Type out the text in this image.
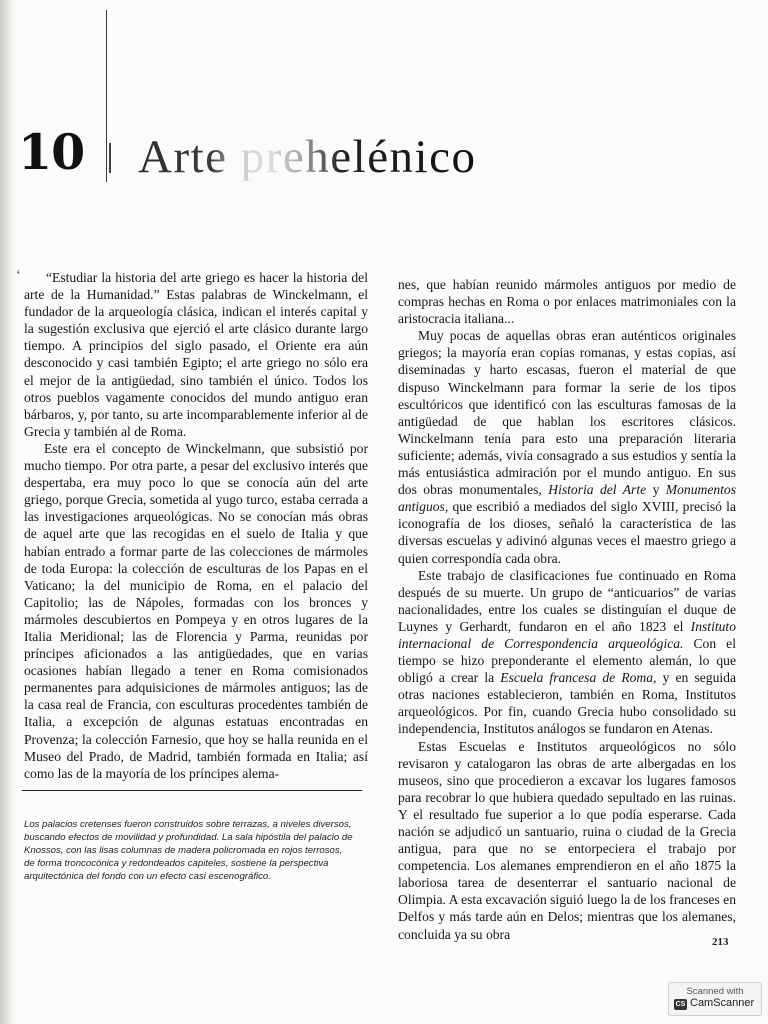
10 Arte prehelénico
‘	“Estudiar la historia del arte griego es hacer la historia del arte de la Humanidad.” Estas palabras de Winckelmann, el fundador de la arqueología clásica, indican el interés capital y la sugestión exclusiva que ejerció el arte clásico durante largo tiempo. A principios del siglo pasado, el Oriente era aún desconocido y casi también Egipto; el arte griego no sólo era el mejor de la antigüedad, sino también el único. Todos los otros pueblos vagamente conocidos del mundo antiguo eran bárbaros, y, por tanto, su arte incomparablemente inferior al de Grecia y también al de Roma.

Este era el concepto de Winckelmann, que subsistió por mucho tiempo. Por otra parte, a pesar del exclusivo interés que despertaba, era muy poco lo que se conocía aún del arte griego, porque Grecia, sometida al yugo turco, estaba cerrada a las investigaciones arqueológicas. No se conocían más obras de aquel arte que las recogidas en el suelo de Italia y que habían entrado a formar parte de las colecciones de mármoles de toda Europa: la colección de esculturas de los Papas en el Vaticano; la del municipio de Roma, en el palacio del Capitolio; las de Nápoles, formadas con los bronces y mármoles descubiertos en Pompeya y en otros lugares de la Italia Meridional; las de Florencia y Parma, reunidas por príncipes aficionados a las antigüedades, que en varias ocasiones habían llegado a tener en Roma comisionados permanentes para adquisiciones de mármoles antiguos; las de la casa real de Francia, con esculturas procedentes también de Italia, a excepción de algunas estatuas encontradas en Provenza; la colección Farnesio, que hoy se halla reunida en el Museo del Prado, de Madrid, también formada en Italia; así como las de la mayoría de los príncipes alema-

nes, que habían reunido mármoles antiguos por medio de compras hechas en Roma o por enlaces matrimoniales con la aristocracia italiana...

Muy pocas de aquellas obras eran auténticos originales griegos; la mayoría eran copias romanas, y estas copias, así diseminadas y harto escasas, fueron el material de que dispuso Winckelmann para formar la serie de los tipos escultóricos que identificó con las esculturas famosas de la antigüedad de que hablan los escritores clásicos. Winckelmann tenía para esto una preparación literaria suficiente; además, vivía consagrado a sus estudios y sentía la más entusiástica admiración por el mundo antiguo. En sus dos obras monumentales, Historia del Arte y Monumentos antiguos, que escribió a mediados del siglo XVIII, precisó la iconografía de los dioses, señaló la característica de las diversas escuelas y adivinó algunas veces el maestro griego a quien correspondía cada obra.

Este trabajo de clasificaciones fue continuado en Roma después de su muerte. Un grupo de “anticuarios” de varias nacionalidades, entre los cuales se distinguían el duque de Luynes y Gerhardt, fundaron en el año 1823 el Instituto internacional de Correspondencia arqueológica. Con el tiempo se hizo preponderante el elemento alemán, lo que obligó a crear la Escuela francesa de Roma, y en seguida otras naciones establecieron, también en Roma, Institutos arqueológicos. Por fin, cuando Grecia hubo consolidado su independencia, Institutos análogos se fundaron en Atenas.

Estas Escuelas e Institutos arqueológicos no sólo revisaron y catalogaron las obras de arte albergadas en los museos, sino que procedieron a excavar los lugares famosos para recobrar lo que hubiera quedado sepultado en las ruinas. Y el resultado fue superior a lo que podía esperarse. Cada nación se adjudicó un santuario, ruina o ciudad de la Grecia antigua, para que no se entorpeciera el trabajo por competencia. Los alemanes emprendieron en el año 1875 la laboriosa tarea de desenterrar el santuario nacional de Olimpia. A esta excavación siguió luego la de los franceses en Delfos y más tarde aún en Delos; mientras que los alemanes, concluida ya su obra

Los palacios cretenses fueron construidos sobre terrazas, a niveles diversos, buscando efectos de movilidad y profundidad. La sala hipóstila del palacio de Knossos, con las lisas columnas de madera policromada en rojos terrosos, de forma troncocónica y redondeados capiteles, sostiene la perspectiva arquitectónica del fondo con un efecto casi escenográfico.
213
Scanned with
CS CamScanner
